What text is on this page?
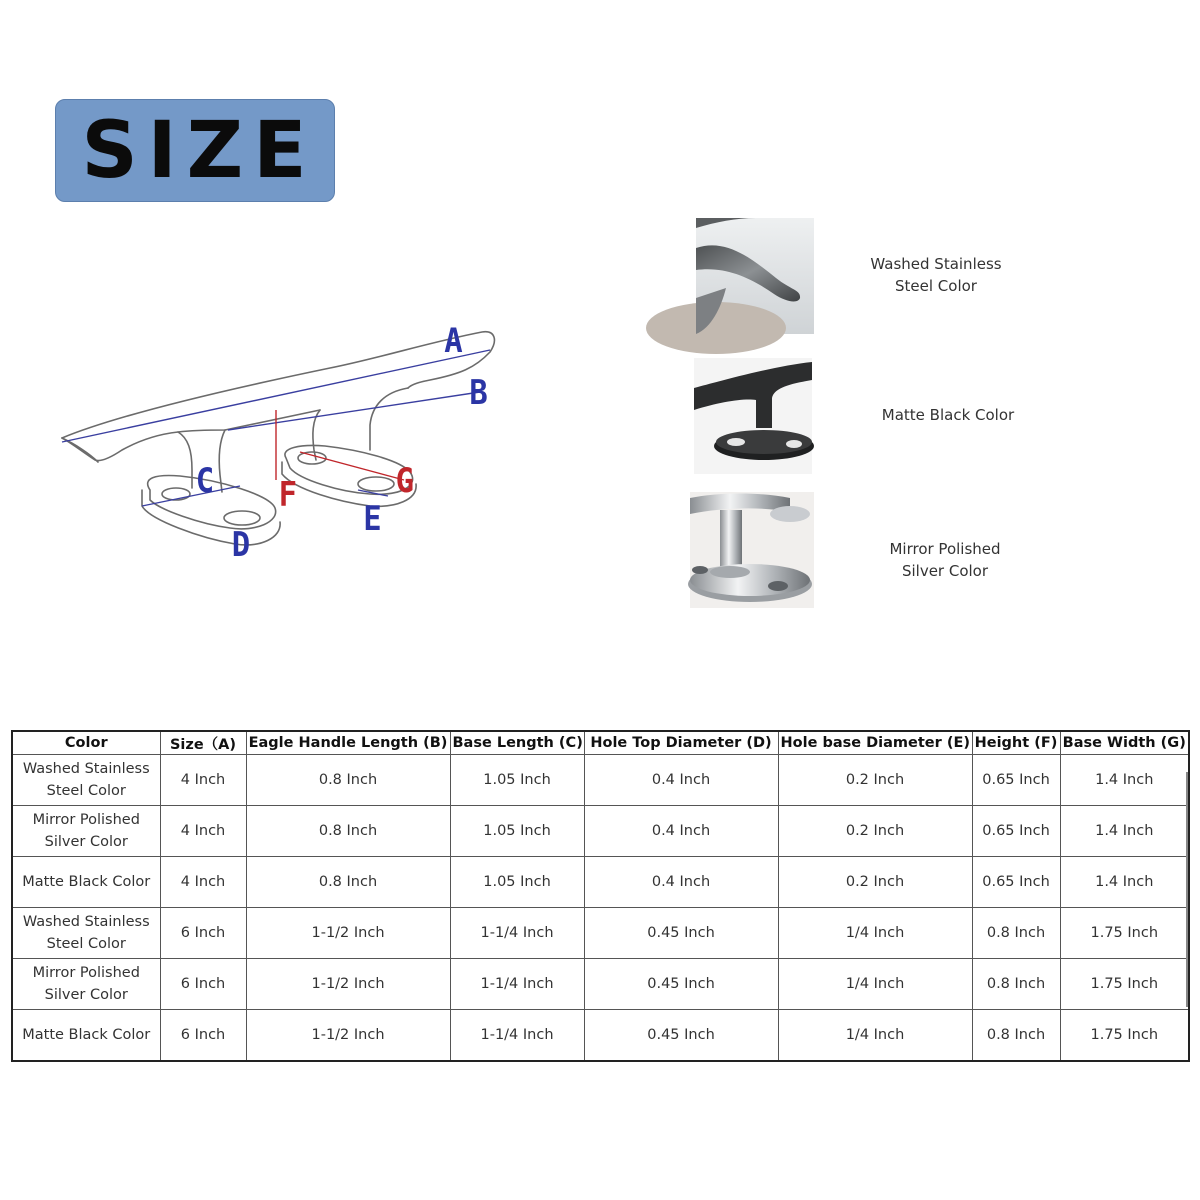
SIZE
A
B
C
D
E
F	G
Washed Stainless
Steel Color
Matte Black Color
Mirror Polished
Silver Color
Color	Size（A)	Eagle Handle Length (B)	Base Length (C)	Hole Top Diameter (D)	Hole base Diameter (E)	Height (F)	Base Width (G)

Washed Stainless
Steel Color	4 Inch	0.8 Inch	1.05 Inch	0.4 Inch	0.2 Inch	0.65 Inch	1.4 Inch

Mirror Polished
Silver Color	4 Inch	0.8 Inch	1.05 Inch	0.4 Inch	0.2 Inch	0.65 Inch	1.4 Inch

Matte Black Color	4 Inch	0.8 Inch	1.05 Inch	0.4 Inch	0.2 Inch	0.65 Inch	1.4 Inch

Washed Stainless
Steel Color	6 Inch	1-1/2 Inch	1-1/4 Inch	0.45 Inch	1/4 Inch	0.8 Inch	1.75 Inch

Mirror Polished
Silver Color	6 Inch	1-1/2 Inch	1-1/4 Inch	0.45 Inch	1/4 Inch	0.8 Inch	1.75 Inch

Matte Black Color	6 Inch	1-1/2 Inch	1-1/4 Inch	0.45 Inch	1/4 Inch	0.8 Inch	1.75 Inch
